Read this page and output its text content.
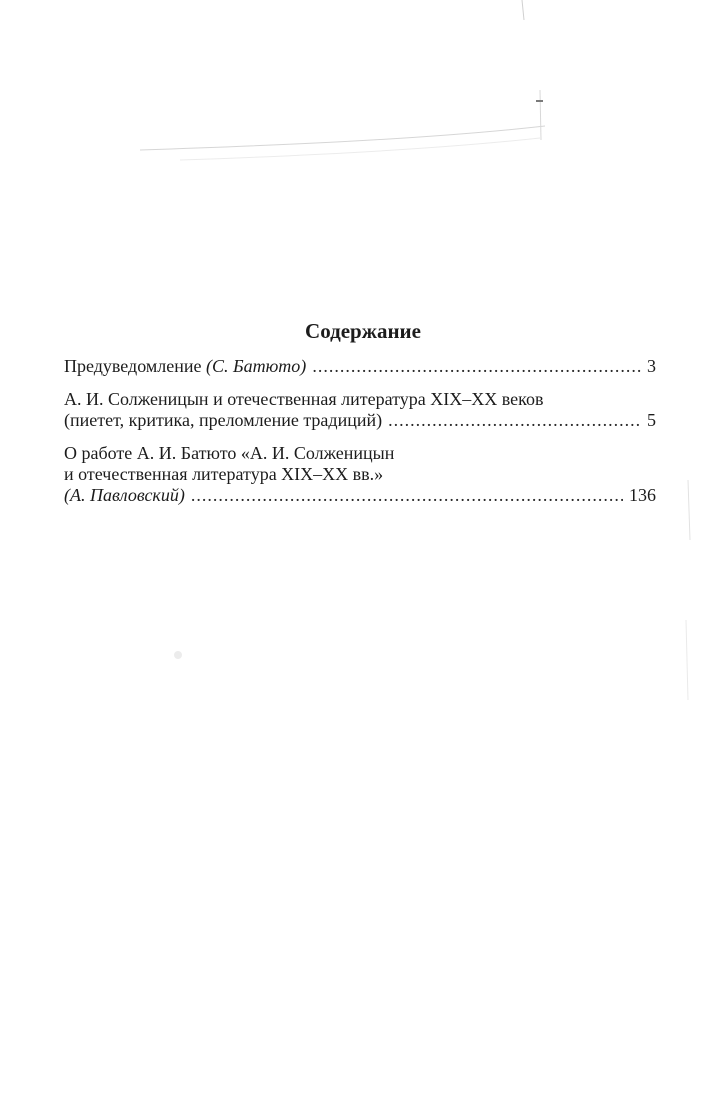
Содержание
Предуведомление (С. Батюто) .....	3
А. И. Солженицын и отечественная литература XIX–XX веков
(пиетет, критика, преломление традиций) .....	5
О работе А. И. Батюто «А. И. Солженицын
и отечественная литература XIX–XX вв.»
(А. Павловский) .....	136
